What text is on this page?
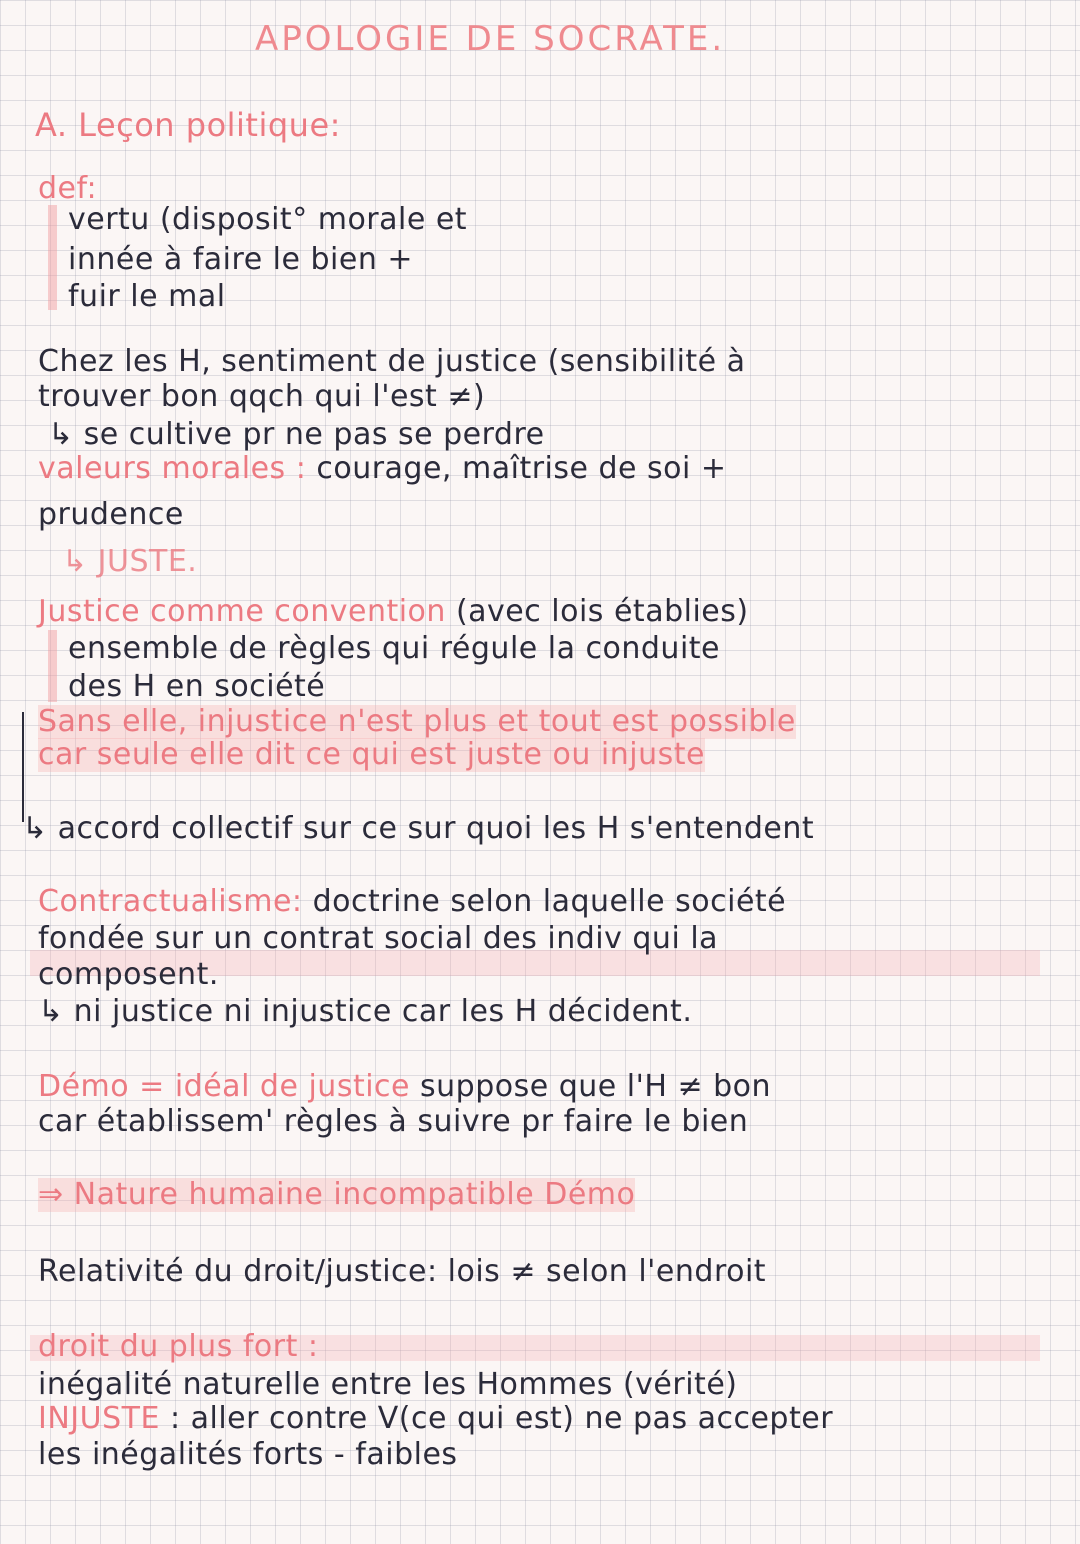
APOLOGIE DE SOCRATE.
A. Leçon politique:
def:
vertu (disposit° morale et
innée à faire le bien +
fuir le mal
Chez les H, sentiment de justice (sensibilité à
trouver bon qqch qui l'est ≠)
↳ se cultive pr ne pas se perdre
valeurs morales : courage, maîtrise de soi +
prudence
↳ JUSTE.
Justice comme convention (avec lois établies)
ensemble de règles qui régule la conduite
des H en société
Sans elle, injustice n'est plus et tout est possible
car seule elle dit ce qui est juste ou injuste
↳ accord collectif sur ce sur quoi les H s'entendent
Contractualisme: doctrine selon laquelle société
fondée sur un contrat social des indiv qui la
composent.
↳ ni justice ni injustice car les H décident.
Démo = idéal de justice suppose que l'H ≠ bon
car établissem' règles à suivre pr faire le bien
⇒ Nature humaine incompatible Démo
Relativité du droit/justice: lois ≠ selon l'endroit
droit du plus fort :
inégalité naturelle entre les Hommes (vérité)
INJUSTE : aller contre V(ce qui est) ne pas accepter
les inégalités forts - faibles
